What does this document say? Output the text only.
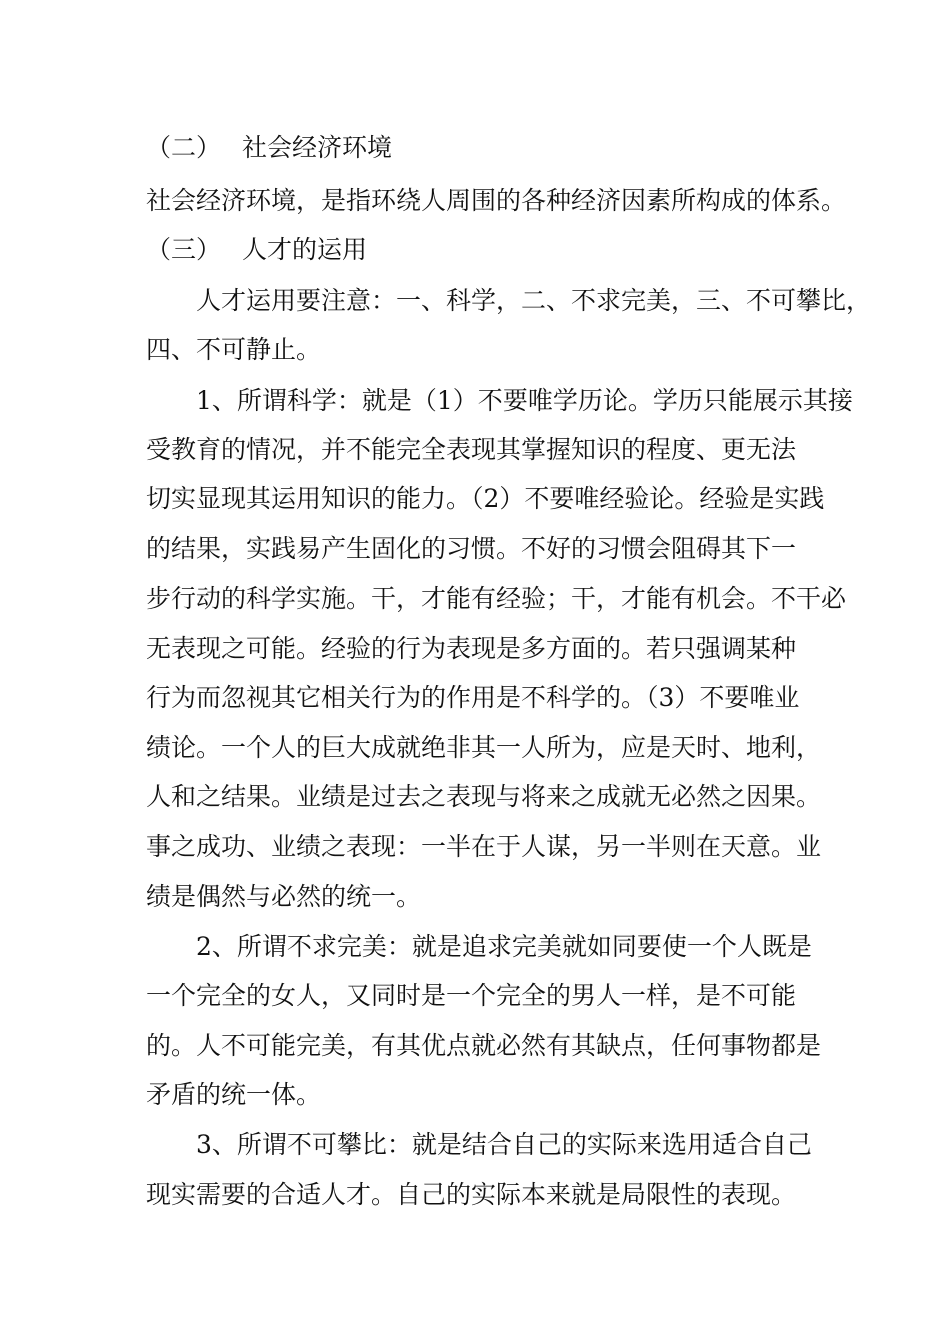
（二） 社会经济环境
社会经济环境，是指环绕人周围的各种经济因素所构成的体系。
（三） 人才的运用
人才运用要注意：一、科学，二、不求完美，三、不可攀比，
四、不可静止。
1、所谓科学：就是（1）不要唯学历论。学历只能展示其接
受教育的情况，并不能完全表现其掌握知识的程度、更无法
切实显现其运用知识的能力。（2）不要唯经验论。经验是实践
的结果，实践易产生固化的习惯。不好的习惯会阻碍其下一
步行动的科学实施。干，才能有经验；干，才能有机会。不干必
无表现之可能。经验的行为表现是多方面的。若只强调某种
行为而忽视其它相关行为的作用是不科学的。（3）不要唯业
绩论。一个人的巨大成就绝非其一人所为，应是天时、地利，
人和之结果。业绩是过去之表现与将来之成就无必然之因果。
事之成功、业绩之表现：一半在于人谋，另一半则在天意。业
绩是偶然与必然的统一。
2、所谓不求完美：就是追求完美就如同要使一个人既是
一个完全的女人，又同时是一个完全的男人一样，是不可能
的。人不可能完美，有其优点就必然有其缺点，任何事物都是
矛盾的统一体。
3、所谓不可攀比：就是结合自己的实际来选用适合自己
现实需要的合适人才。自己的实际本来就是局限性的表现。
